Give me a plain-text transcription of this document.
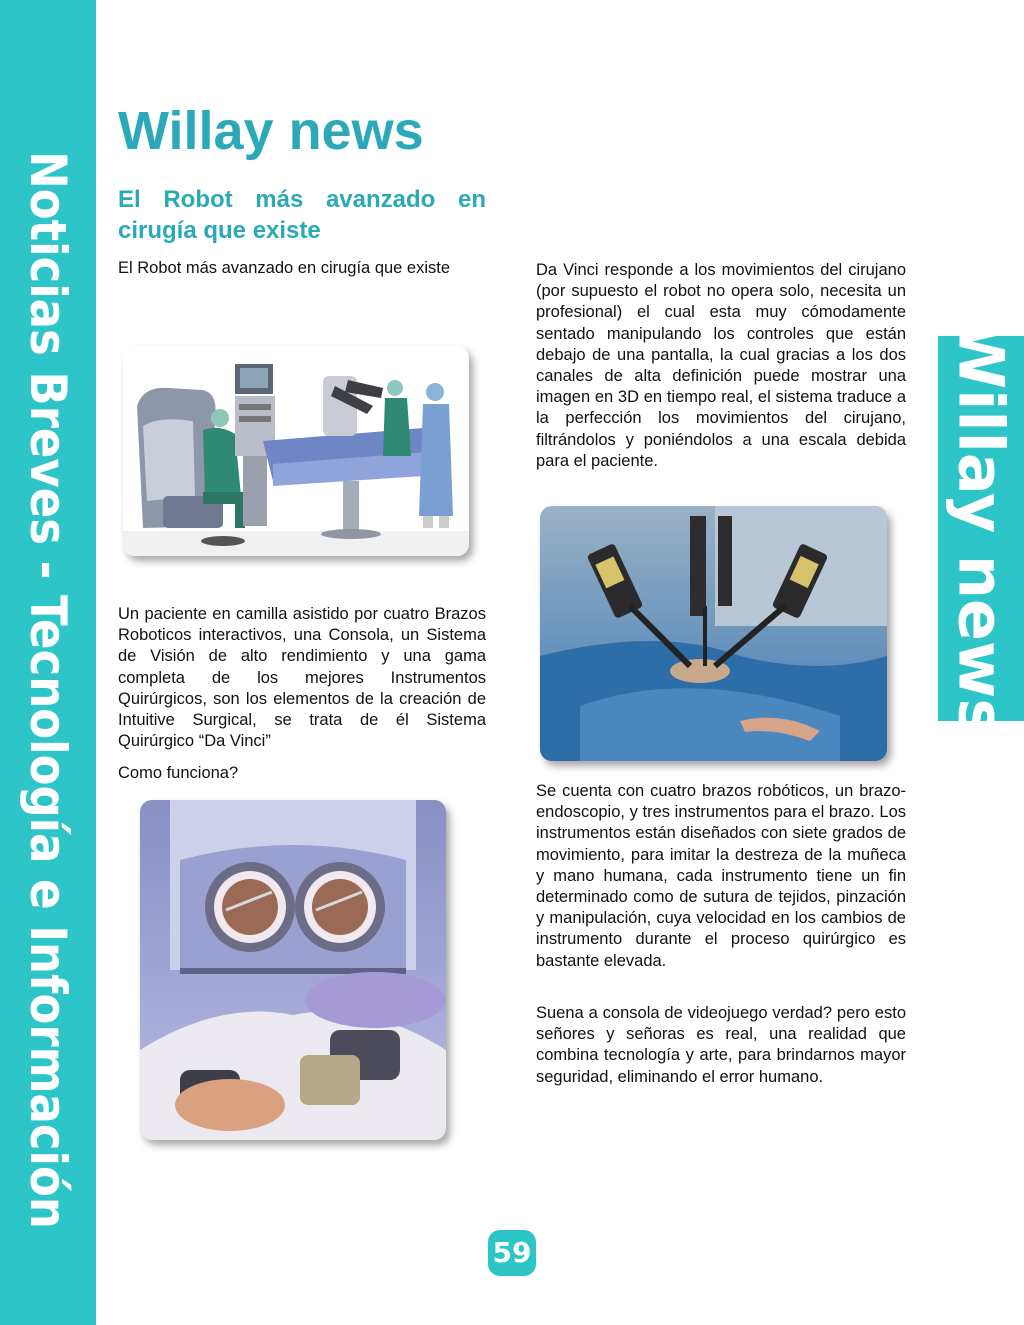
Noticias Breves - Tecnología e Información	Willay news
Willay news
El Robot más avanzado en cirugía que existe

El Robot más avanzado en cirugía que existe

Un paciente en camilla asistido por cuatro Brazos Roboticos interactivos, una Consola, un Sistema de Visión de alto rendimiento y una gama completa de los mejores Instrumentos Quirúrgicos, son los elementos de la creación de Intuitive Surgical, se trata de él Sistema Quirúrgico “Da Vinci”

Como funciona?

Da Vinci responde a los movimientos del cirujano (por supuesto el robot no opera solo, necesita un profesional) el cual esta muy cómodamente sentado manipulando los controles que están debajo de una pantalla, la cual gracias a los dos canales de alta definición puede mostrar una imagen en 3D en tiempo real, el sistema traduce a la perfección los movimientos del cirujano, filtrándolos y poniéndolos a una escala debida para el paciente.

Se cuenta con cuatro brazos robóticos, un brazo-endoscopio, y tres instrumentos para el brazo. Los instrumentos están diseñados con siete grados de movimiento, para imitar la destreza de la muñeca y mano humana, cada instrumento tiene un fin determinado como de sutura de tejidos, pinzación y manipulación, cuya velocidad en los cambios de instrumento durante el proceso quirúrgico es bastante elevada.

Suena a consola de videojuego verdad? pero esto señores y señoras es real, una realidad que combina tecnología y arte, para brindarnos mayor seguridad, eliminando el error humano.

59
